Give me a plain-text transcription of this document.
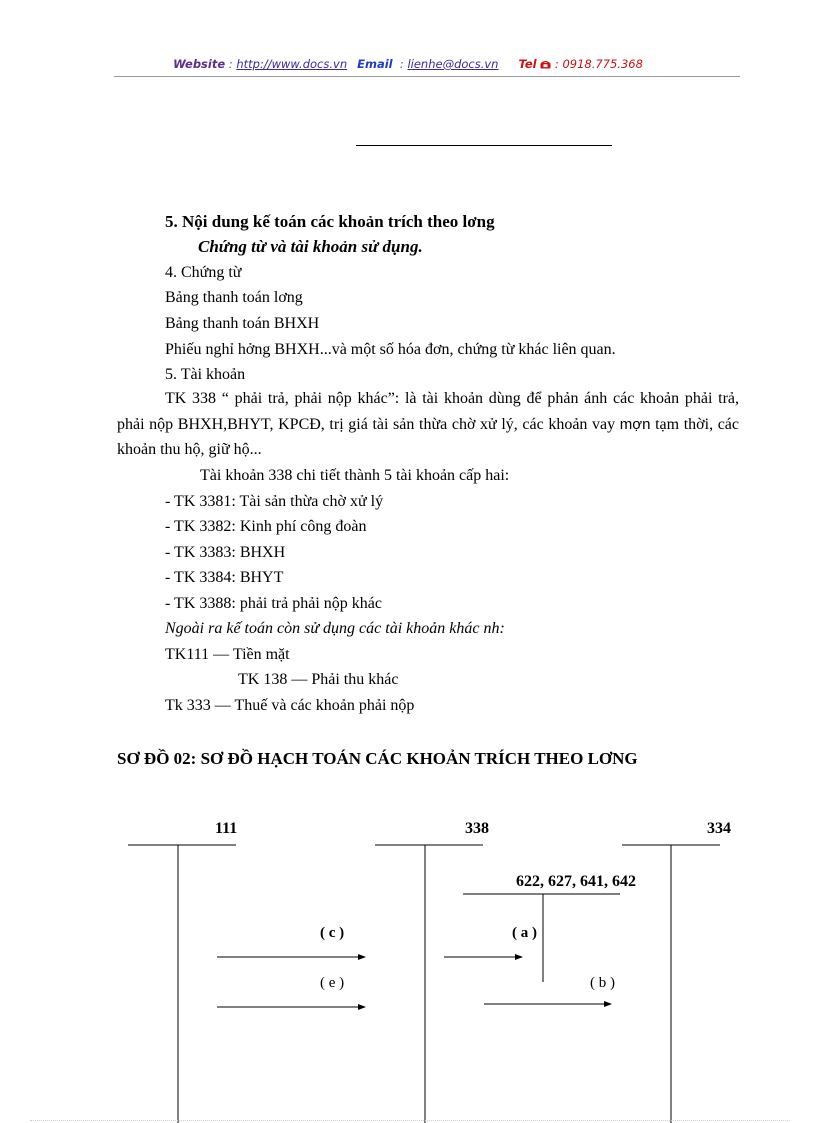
Website : http://www.docs.vn Email  : lienhe@docs.vn Tel  : 0918.775.368
5. Nội dung kế toán các khoản trích theo lơng
Chứng từ và tài khoản sử dụng.
4. Chứng từ
Bảng thanh toán lơng
Bảng thanh toán BHXH
Phiếu nghỉ hởng BHXH...và một số hóa đơn, chứng từ khác liên quan.
5. Tài khoản
TK 338 “ phải trả, phải nộp khác”: là tài khoản dùng để phản ánh các khoản phải trả, phải nộp BHXH,BHYT, KPCĐ, trị giá tài sản thừa chờ xử lý, các khoản vay mợn tạm thời, các khoản thu hộ, giữ hộ...
Tài khoản 338 chi tiết thành 5 tài khoản cấp hai:
- TK 3381: Tài sản thừa chờ xử lý
- TK 3382: Kinh phí công đoàn
- TK 3383: BHXH
- TK 3384: BHYT
- TK 3388: phải trả phải nộp khác
Ngoài ra kế toán còn sử dụng các tài khoản khác nh:
TK111 — Tiền mặt
TK 138 — Phải thu khác
Tk 333 — Thuế và các khoản phải nộp
SƠ ĐỒ 02: SƠ ĐỒ HẠCH TOÁN CÁC KHOẢN TRÍCH THEO LƠNG
111	338	334
622, 627, 641, 642
( c )	( a )
( e )	( b )
